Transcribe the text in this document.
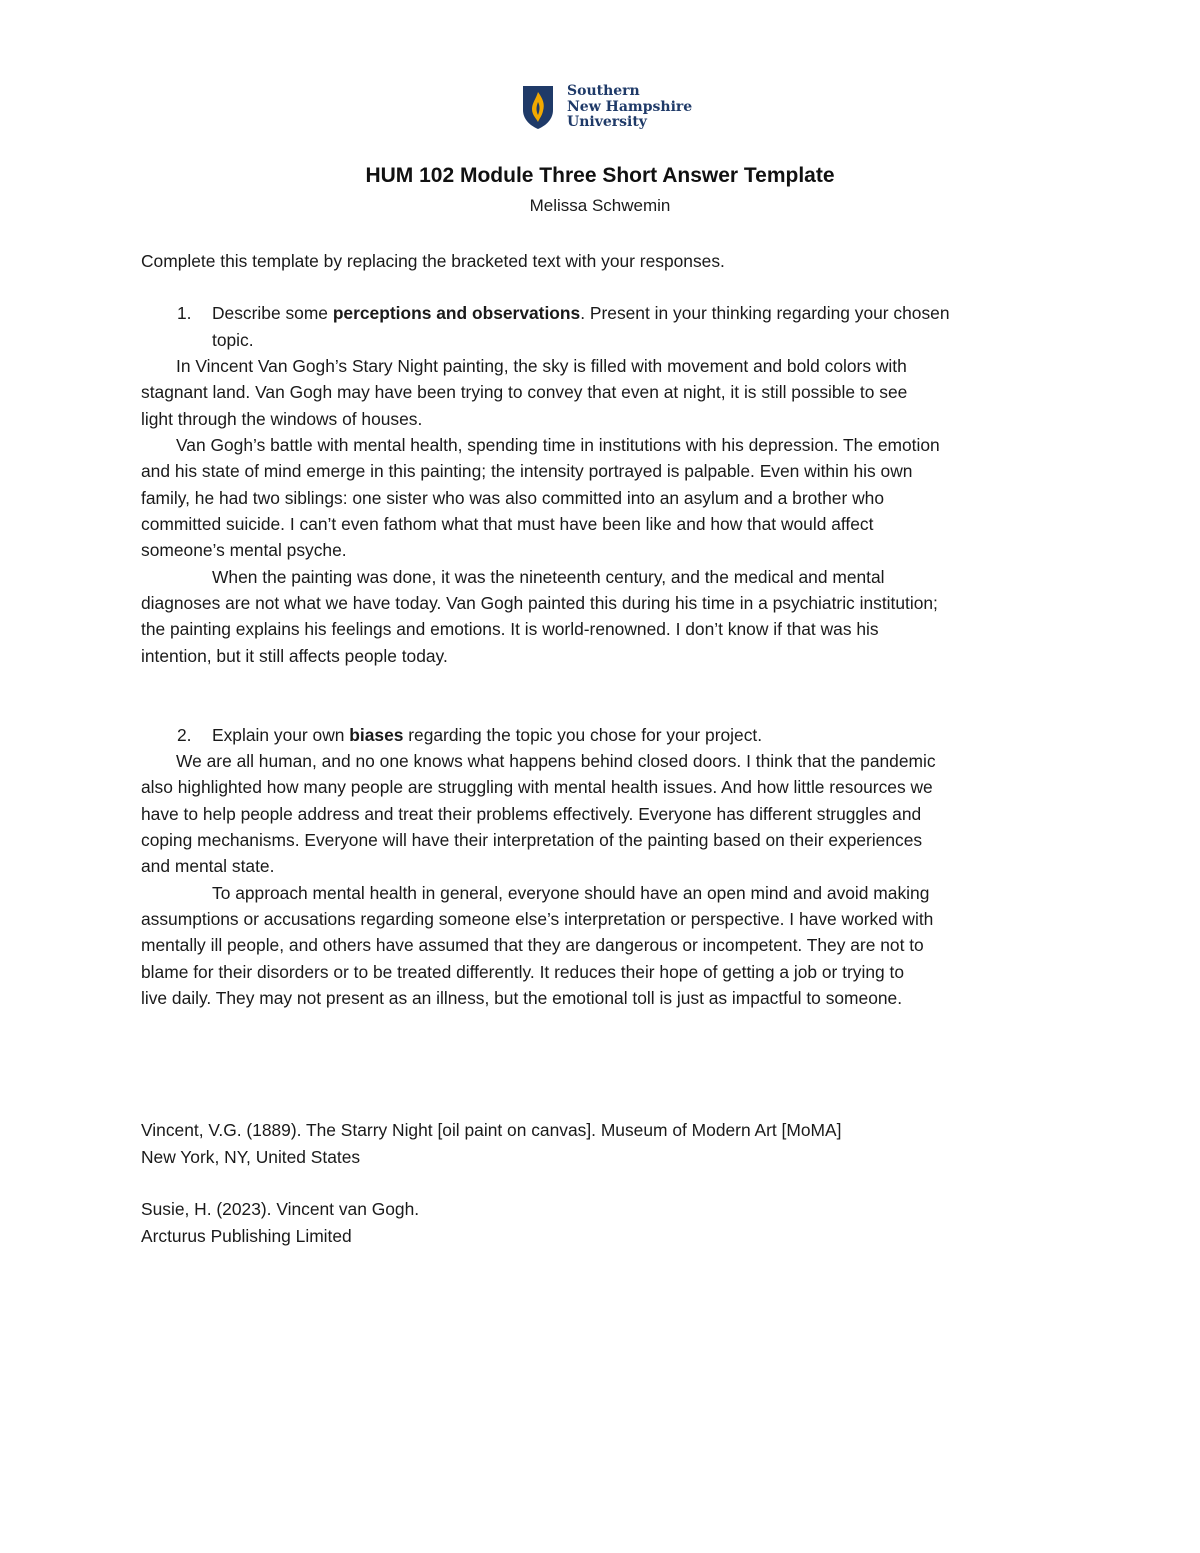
Southern
New Hampshire
University
HUM 102 Module Three Short Answer Template
Melissa Schwemin
Complete this template by replacing the bracketed text with your responses.
1. Describe some perceptions and observations. Present in your thinking regarding your chosen
topic.
In Vincent Van Gogh’s Stary Night painting, the sky is filled with movement and bold colors with
stagnant land. Van Gogh may have been trying to convey that even at night, it is still possible to see
light through the windows of houses.
Van Gogh’s battle with mental health, spending time in institutions with his depression. The emotion
and his state of mind emerge in this painting; the intensity portrayed is palpable. Even within his own
family, he had two siblings: one sister who was also committed into an asylum and a brother who
committed suicide. I can’t even fathom what that must have been like and how that would affect
someone’s mental psyche.
When the painting was done, it was the nineteenth century, and the medical and mental
diagnoses are not what we have today. Van Gogh painted this during his time in a psychiatric institution;
the painting explains his feelings and emotions. It is world-renowned. I don’t know if that was his
intention, but it still affects people today.
2. Explain your own biases regarding the topic you chose for your project.
We are all human, and no one knows what happens behind closed doors. I think that the pandemic
also highlighted how many people are struggling with mental health issues. And how little resources we
have to help people address and treat their problems effectively. Everyone has different struggles and
coping mechanisms. Everyone will have their interpretation of the painting based on their experiences
and mental state.
To approach mental health in general, everyone should have an open mind and avoid making
assumptions or accusations regarding someone else’s interpretation or perspective. I have worked with
mentally ill people, and others have assumed that they are dangerous or incompetent. They are not to
blame for their disorders or to be treated differently. It reduces their hope of getting a job or trying to
live daily. They may not present as an illness, but the emotional toll is just as impactful to someone.
Vincent, V.G. (1889). The Starry Night [oil paint on canvas]. Museum of Modern Art [MoMA]
New York, NY, United States
Susie, H. (2023). Vincent van Gogh.
Arcturus Publishing Limited
